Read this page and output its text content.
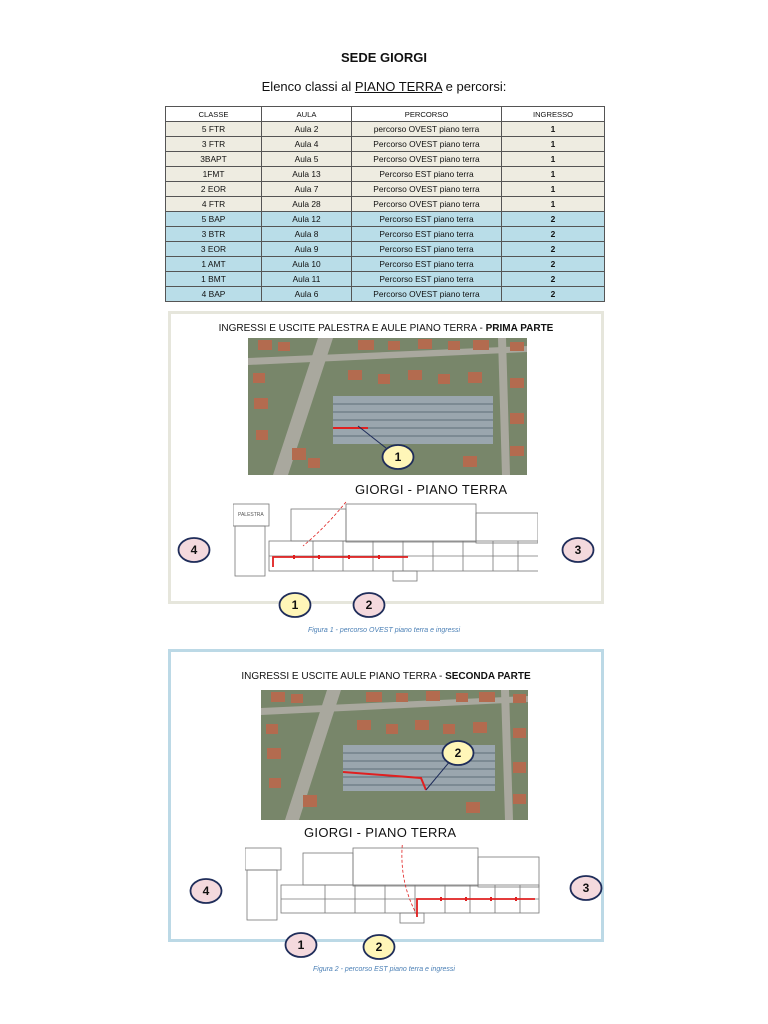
SEDE GIORGI
Elenco classi al PIANO TERRA e percorsi:
CLASSE	AULA	PERCORSO	INGRESSO
5 FTR	Aula 2	percorso OVEST piano terra	1
3 FTR	Aula 4	Percorso OVEST piano terra	1
3BAPT	Aula 5	Percorso OVEST piano terra	1
1FMT	Aula 13	Percorso EST piano terra	1
2 EOR	Aula 7	Percorso OVEST piano terra	1
4 FTR	Aula 28	Percorso OVEST piano terra	1
5 BAP	Aula 12	Percorso EST piano terra	2
3 BTR	Aula 8	Percorso EST piano terra	2
3 EOR	Aula 9	Percorso EST piano terra	2
1 AMT	Aula 10	Percorso EST piano terra	2
1 BMT	Aula 11	Percorso EST piano terra	2
4 BAP	Aula 6	Percorso OVEST piano terra	2
INGRESSI E USCITE PALESTRA E AULE PIANO TERRA - PRIMA PARTE
GIORGI - PIANO TERRA
PALESTRA
1
4	3
1	2
Figura 1 - percorso OVEST piano terra e ingressi
INGRESSI E USCITE AULE PIANO TERRA - SECONDA PARTE
GIORGI - PIANO TERRA
2
4	3
1	2
Figura 2 - percorso EST piano terra e ingressi
